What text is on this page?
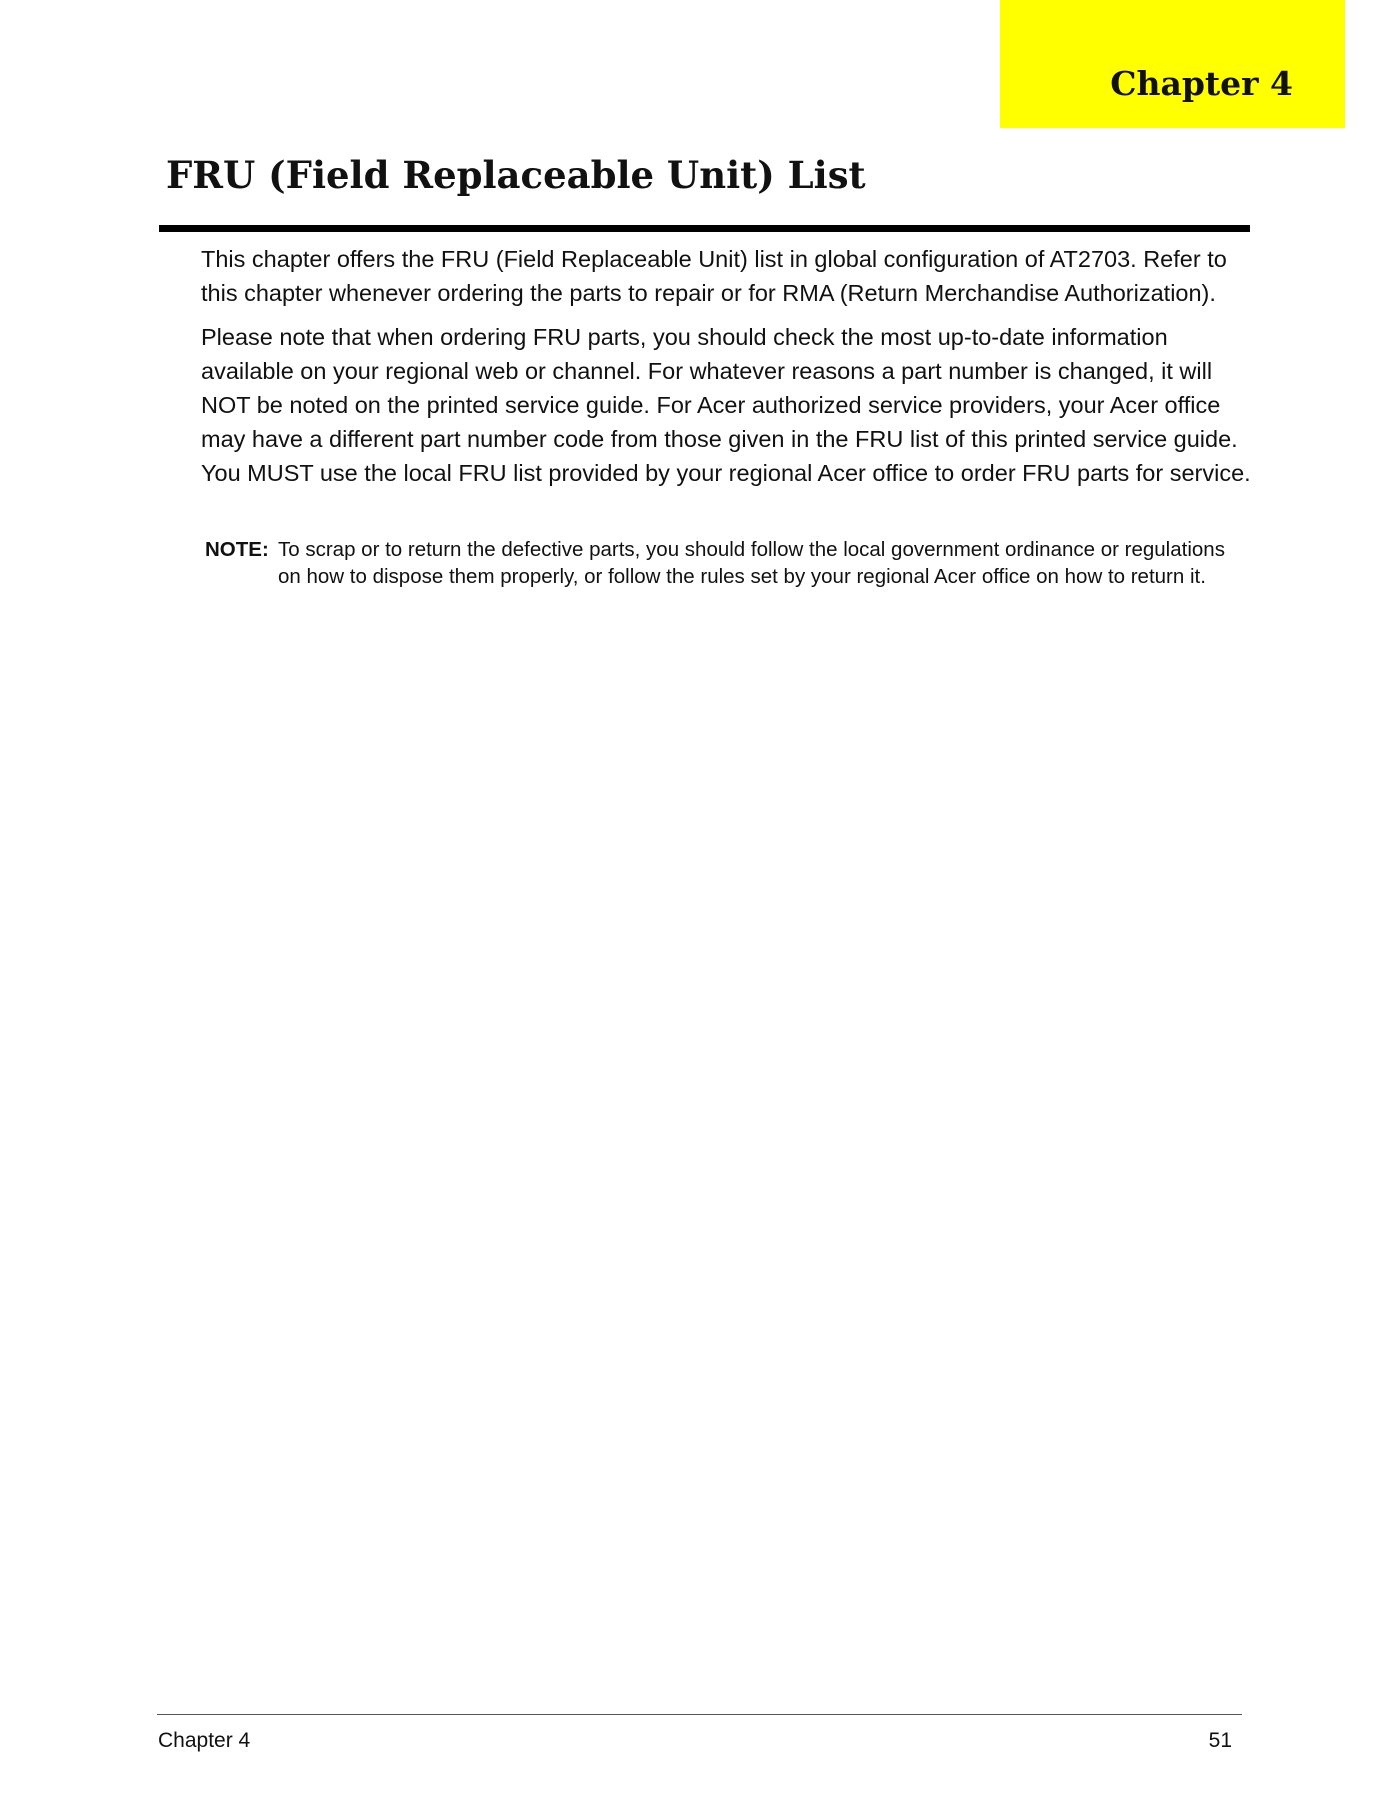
Chapter 4
FRU (Field Replaceable Unit) List

This chapter offers the FRU (Field Replaceable Unit) list in global configuration of AT2703. Refer to this chapter whenever ordering the parts to repair or for RMA (Return Merchandise Authorization).

Please note that when ordering FRU parts, you should check the most up-to-date information available on your regional web or channel. For whatever reasons a part number is changed, it will NOT be noted on the printed service guide. For Acer authorized service providers, your Acer office may have a different part number code from those given in the FRU list of this printed service guide. You MUST use the local FRU list provided by your regional Acer office to order FRU parts for service.

NOTE: To scrap or to return the defective parts, you should follow the local government ordinance or regulations on how to dispose them properly, or follow the rules set by your regional Acer office on how to return it.

Chapter 4	51
